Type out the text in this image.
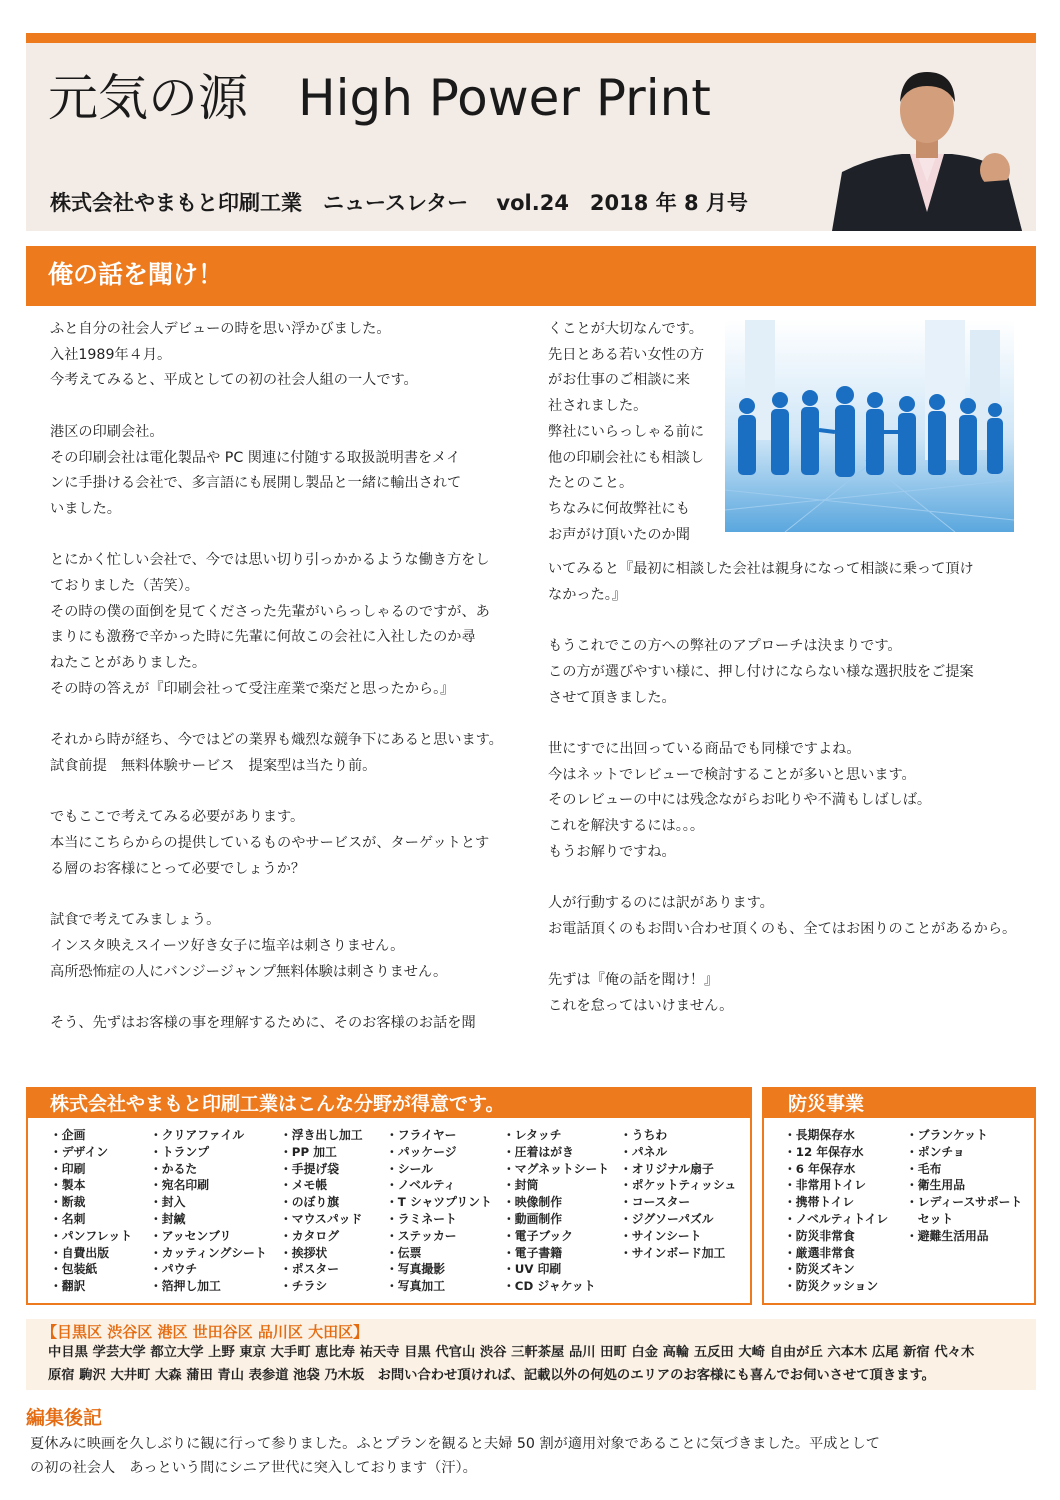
元気の源　High Power Print
株式会社やまもと印刷工業　ニュースレター　 vol.24　2018 年 8 月号
俺の話を聞け！

ふと自分の社会人デビューの時を思い浮かびました。

入社1989年４月。

今考えてみると、平成としての初の社会人組の一人です。

港区の印刷会社。

その印刷会社は電化製品や PC 関連に付随する取扱説明書をメイ

ンに手掛ける会社で、多言語にも展開し製品と一緒に輸出されて

いました。

とにかく忙しい会社で、今では思い切り引っかかるような働き方をし

ておりました（苦笑）。

その時の僕の面倒を見てくださった先輩がいらっしゃるのですが、あ

まりにも激務で辛かった時に先輩に何故この会社に入社したのか尋

ねたことがありました。

その時の答えが『印刷会社って受注産業で楽だと思ったから。』

それから時が経ち、今ではどの業界も熾烈な競争下にあると思います。

試食前提　無料体験サービス　提案型は当たり前。

でもここで考えてみる必要があります。

本当にこちらからの提供しているものやサービスが、ターゲットとす

る層のお客様にとって必要でしょうか？

試食で考えてみましょう。

インスタ映えスイーツ好き女子に塩辛は刺さりません。

高所恐怖症の人にバンジージャンプ無料体験は刺さりません。

そう、先ずはお客様の事を理解するために、そのお客様のお話を聞

くことが大切なんです。

先日とある若い女性の方

がお仕事のご相談に来

社されました。

弊社にいらっしゃる前に

他の印刷会社にも相談し

たとのこと。

ちなみに何故弊社にも

お声がけ頂いたのか聞

いてみると『最初に相談した会社は親身になって相談に乗って頂け

なかった。』

もうこれでこの方への弊社のアプローチは決まりです。

この方が選びやすい様に、押し付けにならない様な選択肢をご提案

させて頂きました。

世にすでに出回っている商品でも同様ですよね。

今はネットでレビューで検討することが多いと思います。

そのレビューの中には残念ながらお叱りや不満もしばしば。

これを解決するには。。。

もうお解りですね。

人が行動するのには訳があります。

お電話頂くのもお問い合わせ頂くのも、全てはお困りのことがあるから。

先ずは『俺の話を聞け！』

これを怠ってはいけません。

株式会社やまもと印刷工業はこんな分野が得意です。
・企画
・デザイン
・印刷
・製本
・断裁
・名刺
・パンフレット
・自費出版
・包装紙
・翻訳
・クリアファイル
・トランプ
・かるた
・宛名印刷
・封入
・封緘
・アッセンブリ
・カッティングシート
・パウチ
・箔押し加工
・浮き出し加工
・PP 加工
・手提げ袋
・メモ帳
・のぼり旗
・マウスパッド
・カタログ
・挨拶状
・ポスター
・チラシ
・フライヤー
・パッケージ
・シール
・ノベルティ
・T シャツプリント
・ラミネート
・ステッカー
・伝票
・写真撮影
・写真加工
・レタッチ
・圧着はがき
・マグネットシート
・封筒
・映像制作
・動画制作
・電子ブック
・電子書籍
・UV 印刷
・CD ジャケット
・うちわ
・パネル
・オリジナル扇子
・ポケットティッシュ
・コースター
・ジグソーパズル
・サインシート
・サインボード加工
防災事業
・長期保存水
・12 年保存水
・6 年保存水
・非常用トイレ
・携帯トイレ
・ノベルティトイレ
・防災非常食
・厳選非常食
・防災ズキン
・防災クッション
・ブランケット
・ポンチョ
・毛布
・衛生用品
・レディースサポート
　セット
・避難生活用品
【目黒区 渋谷区 港区 世田谷区 品川区 大田区】
中目黒 学芸大学 都立大学 上野 東京 大手町 恵比寿 祐天寺 目黒 代官山 渋谷 三軒茶屋 品川 田町 白金 高輪 五反田 大崎 自由が丘 六本木 広尾 新宿 代々木
原宿 駒沢 大井町 大森 蒲田 青山 表参道 池袋 乃木坂　お問い合わせ頂ければ、記載以外の何処のエリアのお客様にも喜んでお伺いさせて頂きます。
編集後記
夏休みに映画を久しぶりに観に行って参りました。ふとプランを観ると夫婦 50 割が適用対象であることに気づきました。平成として
の初の社会人　あっという間にシニア世代に突入しております（汗）。
